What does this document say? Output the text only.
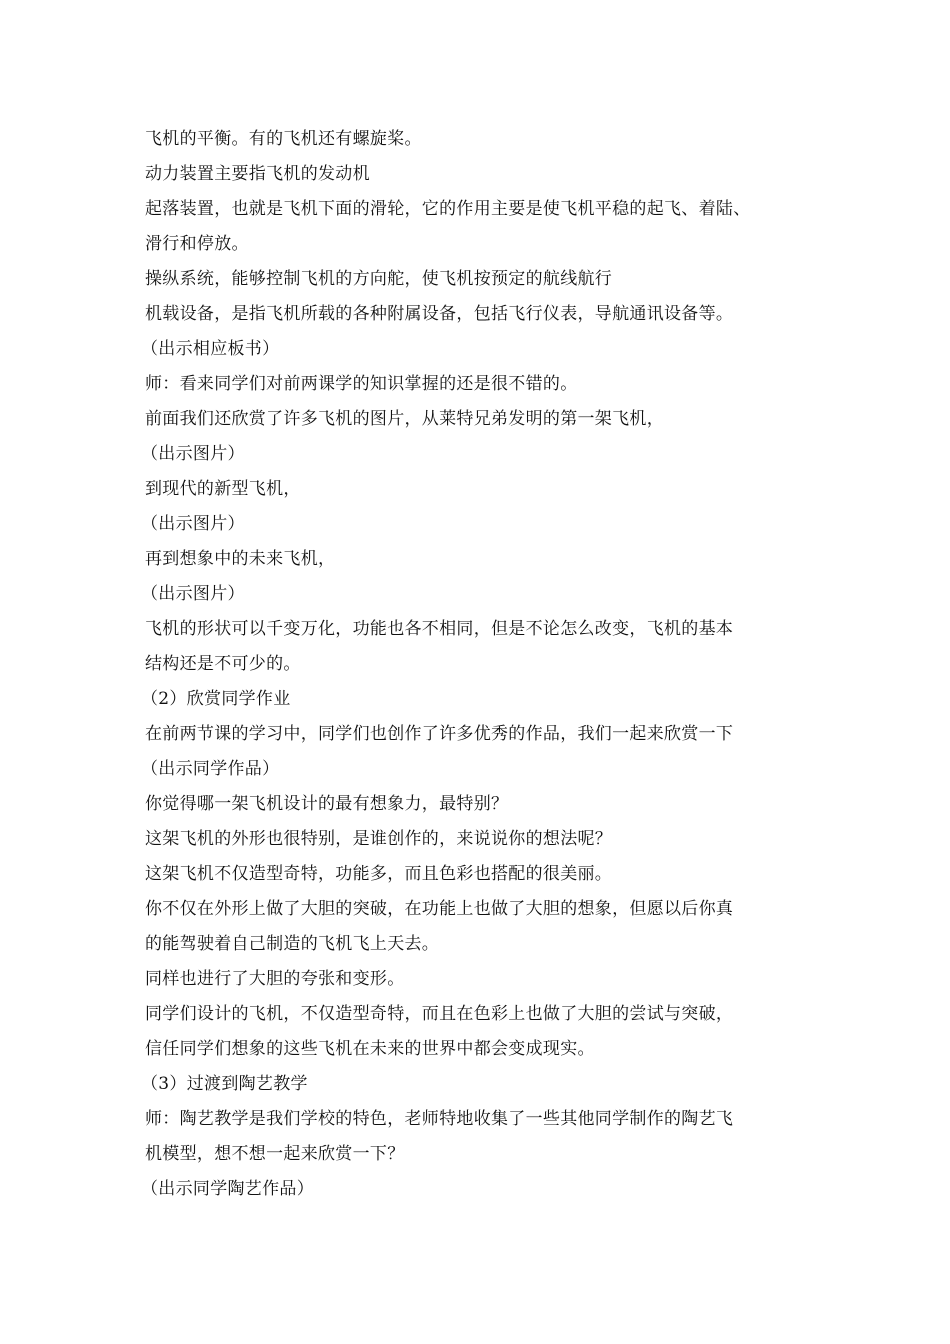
飞机的平衡。有的飞机还有螺旋桨。
动力装置主要指飞机的发动机
起落装置，也就是飞机下面的滑轮，它的作用主要是使飞机平稳的起飞、着陆、
滑行和停放。
操纵系统，能够控制飞机的方向舵，使飞机按预定的航线航行
机载设备，是指飞机所载的各种附属设备，包括飞行仪表，导航通讯设备等。
（出示相应板书）
师：看来同学们对前两课学的知识掌握的还是很不错的。
前面我们还欣赏了许多飞机的图片，从莱特兄弟发明的第一架飞机，
（出示图片）
到现代的新型飞机，
（出示图片）
再到想象中的未来飞机，
（出示图片）
飞机的形状可以千变万化，功能也各不相同，但是不论怎么改变，飞机的基本
结构还是不可少的。
（2）欣赏同学作业
在前两节课的学习中，同学们也创作了许多优秀的作品，我们一起来欣赏一下
（出示同学作品）
你觉得哪一架飞机设计的最有想象力，最特别？
这架飞机的外形也很特别，是谁创作的，来说说你的想法呢？
这架飞机不仅造型奇特，功能多，而且色彩也搭配的很美丽。
你不仅在外形上做了大胆的突破，在功能上也做了大胆的想象，但愿以后你真
的能驾驶着自己制造的飞机飞上天去。
同样也进行了大胆的夸张和变形。
同学们设计的飞机，不仅造型奇特，而且在色彩上也做了大胆的尝试与突破，
信任同学们想象的这些飞机在未来的世界中都会变成现实。
（3）过渡到陶艺教学
师：陶艺教学是我们学校的特色，老师特地收集了一些其他同学制作的陶艺飞
机模型，想不想一起来欣赏一下？
（出示同学陶艺作品）
